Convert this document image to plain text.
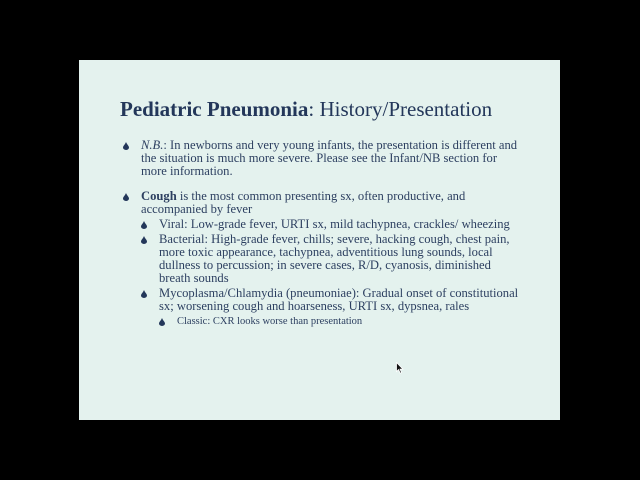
Pediatric Pneumonia: History/Presentation
N.B.: In newborns and very young infants, the presentation is different and the situation is much more severe. Please see the Infant/NB section for more information.
Cough is the most common presenting sx, often productive, and accompanied by fever
Viral: Low-grade fever, URTI sx, mild tachypnea, crackles/ wheezing
Bacterial: High-grade fever, chills; severe, hacking cough, chest pain, more toxic appearance, tachypnea, adventitious lung sounds, local dullness to percussion; in severe cases, R/D, cyanosis, diminished breath sounds
Mycoplasma/Chlamydia (pneumoniae): Gradual onset of constitutional sx; worsening cough and hoarseness, URTI sx, dypsnea, rales
Classic: CXR looks worse than presentation
